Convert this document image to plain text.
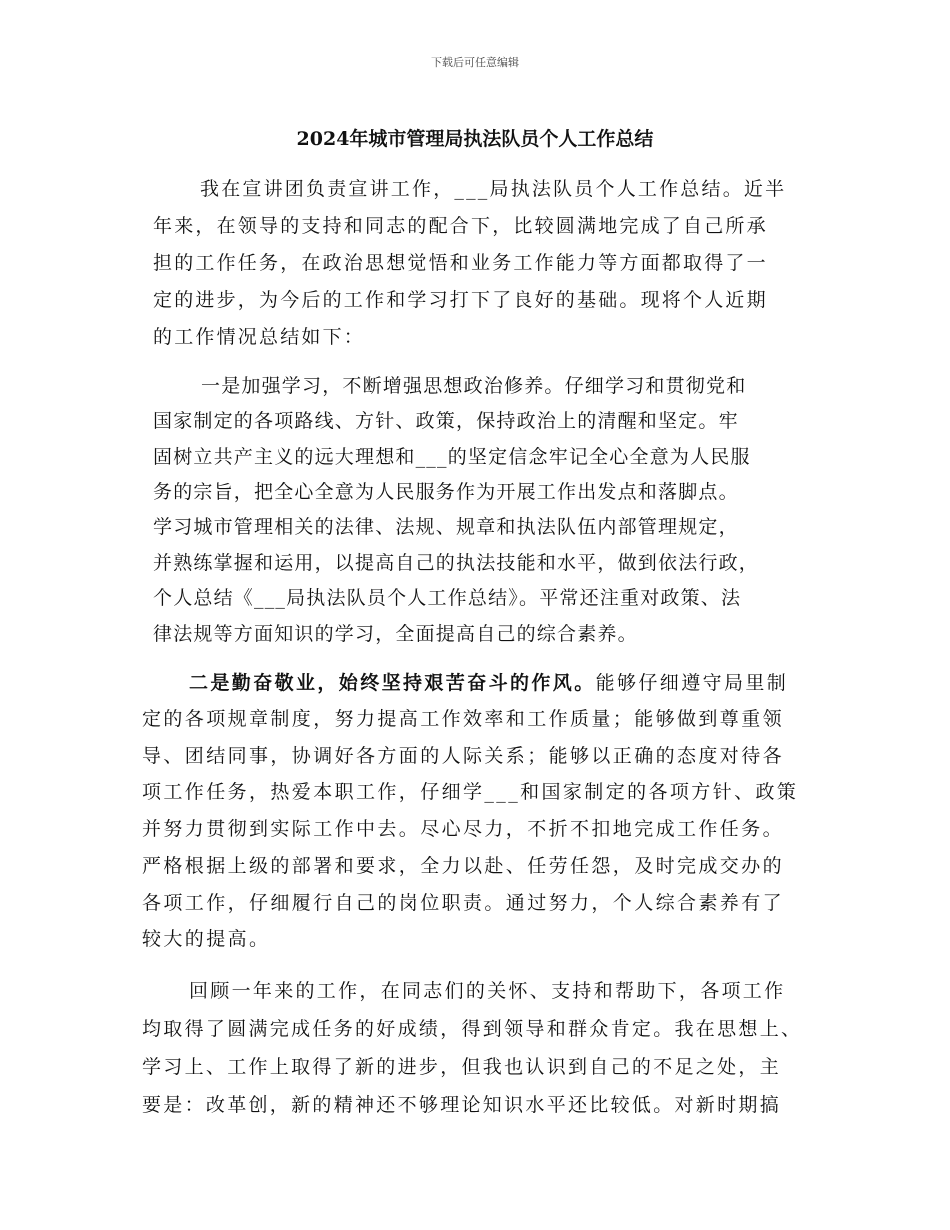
下载后可任意编辑
2024年城市管理局执法队员个人工作总结
我在宣讲团负责宣讲工作，___局执法队员个人工作总结。近半
年来，在领导的支持和同志的配合下，比较圆满地完成了自己所承
担的工作任务，在政治思想觉悟和业务工作能力等方面都取得了一
定的进步，为今后的工作和学习打下了良好的基础。现将个人近期
的工作情况总结如下：
一是加强学习，不断增强思想政治修养。仔细学习和贯彻党和
国家制定的各项路线、方针、政策，保持政治上的清醒和坚定。牢
固树立共产主义的远大理想和___的坚定信念牢记全心全意为人民服
务的宗旨，把全心全意为人民服务作为开展工作出发点和落脚点。
学习城市管理相关的法律、法规、规章和执法队伍内部管理规定，
并熟练掌握和运用，以提高自己的执法技能和水平，做到依法行政，
个人总结《___局执法队员个人工作总结》。平常还注重对政策、法
律法规等方面知识的学习，全面提高自己的综合素养。
二是勤奋敬业，始终坚持艰苦奋斗的作风。能够仔细遵守局里制
定的各项规章制度，努力提高工作效率和工作质量；能够做到尊重领
导、团结同事，协调好各方面的人际关系；能够以正确的态度对待各
项工作任务，热爱本职工作，仔细学___和国家制定的各项方针、政策
并努力贯彻到实际工作中去。尽心尽力，不折不扣地完成工作任务。
严格根据上级的部署和要求，全力以赴、任劳任怨，及时完成交办的
各项工作，仔细履行自己的岗位职责。通过努力，个人综合素养有了
较大的提高。
回顾一年来的工作，在同志们的关怀、支持和帮助下，各项工作
均取得了圆满完成任务的好成绩，得到领导和群众肯定。我在思想上、
学习上、工作上取得了新的进步，但我也认识到自己的不足之处，主
要是：改革创，新的精神还不够理论知识水平还比较低。对新时期搞
